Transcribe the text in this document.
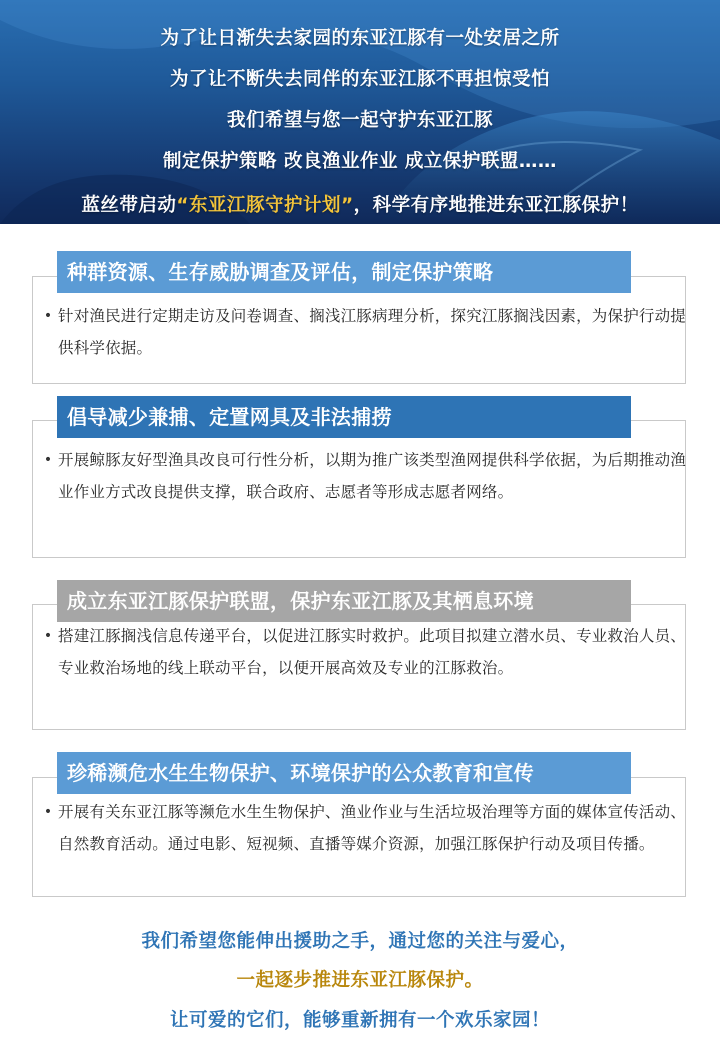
为了让日渐失去家园的东亚江豚有一处安居之所
为了让不断失去同伴的东亚江豚不再担惊受怕
我们希望与您一起守护东亚江豚
制定保护策略 改良渔业作业 成立保护联盟……
蓝丝带启动“东亚江豚守护计划”，科学有序地推进东亚江豚保护！
种群资源、生存威胁调查及评估，制定保护策略
• 针对渔民进行定期走访及问卷调查、搁浅江豚病理分析，探究江豚搁浅因素，为保护行动提供科学依据。
倡导减少兼捕、定置网具及非法捕捞
• 开展鲸豚友好型渔具改良可行性分析，以期为推广该类型渔网提供科学依据，为后期推动渔业作业方式改良提供支撑，联合政府、志愿者等形成志愿者网络。
成立东亚江豚保护联盟，保护东亚江豚及其栖息环境
• 搭建江豚搁浅信息传递平台，以促进江豚实时救护。此项目拟建立潜水员、专业救治人员、专业救治场地的线上联动平台，以便开展高效及专业的江豚救治。
珍稀濒危水生生物保护、环境保护的公众教育和宣传
• 开展有关东亚江豚等濒危水生生物保护、渔业作业与生活垃圾治理等方面的媒体宣传活动、自然教育活动。通过电影、短视频、直播等媒介资源，加强江豚保护行动及项目传播。
我们希望您能伸出援助之手，通过您的关注与爱心，
一起逐步推进东亚江豚保护。
让可爱的它们，能够重新拥有一个欢乐家园！
